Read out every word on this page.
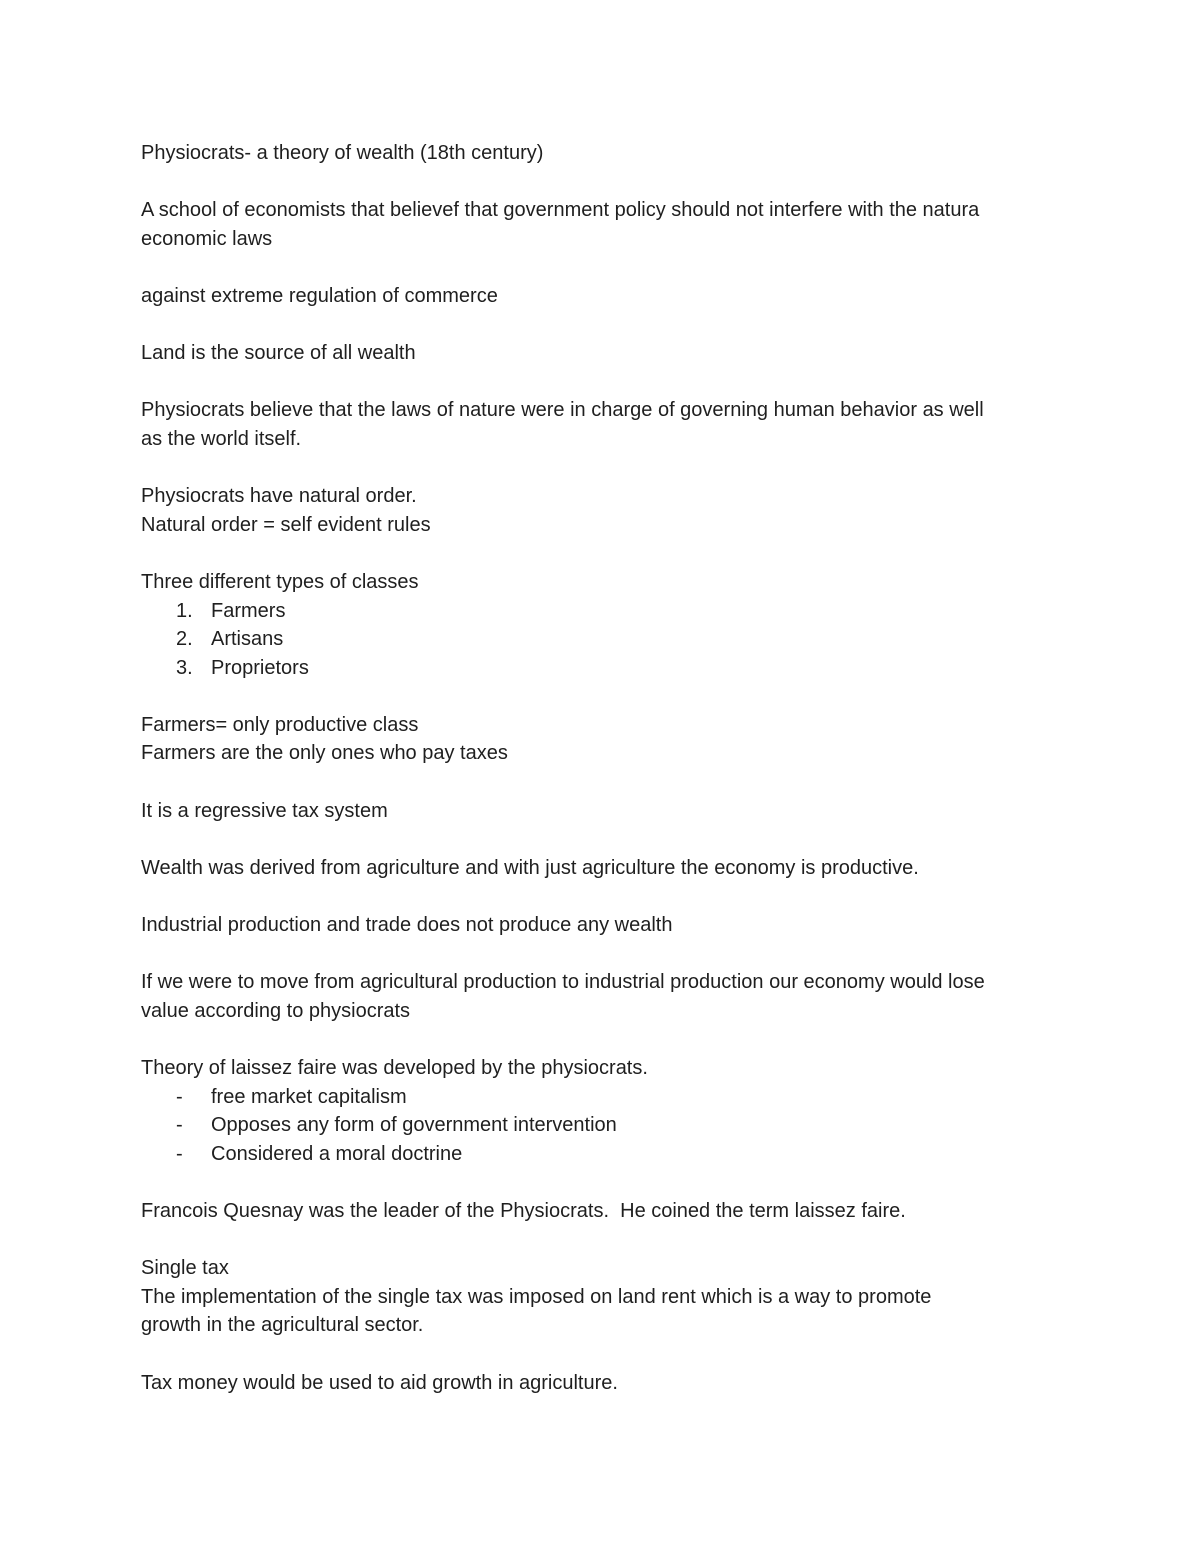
Physiocrats- a theory of wealth (18th century)

A school of economists that believef that government policy should not interfere with the natura

economic laws

against extreme regulation of commerce

Land is the source of all wealth

Physiocrats believe that the laws of nature were in charge of governing human behavior as well

as the world itself.

Physiocrats have natural order.

Natural order = self evident rules

Three different types of classes

1. Farmers
2. Artisans
3. Proprietors

Farmers= only productive class

Farmers are the only ones who pay taxes

It is a regressive tax system

Wealth was derived from agriculture and with just agriculture the economy is productive.

Industrial production and trade does not produce any wealth

If we were to move from agricultural production to industrial production our economy would lose

value according to physiocrats

Theory of laissez faire was developed by the physiocrats.

- free market capitalism
- Opposes any form of government intervention
- Considered a moral doctrine

Francois Quesnay was the leader of the Physiocrats.  He coined the term laissez faire.

Single tax

The implementation of the single tax was imposed on land rent which is a way to promote

growth in the agricultural sector.

Tax money would be used to aid growth in agriculture.
